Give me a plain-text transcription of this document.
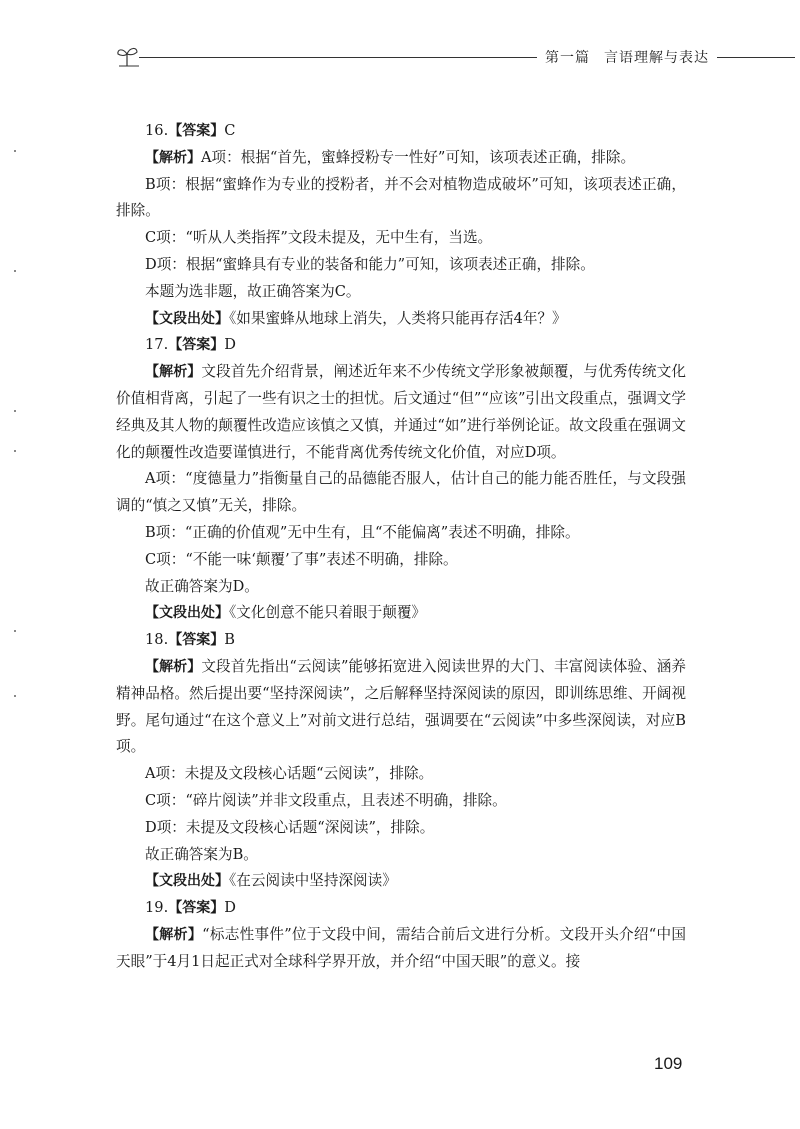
第一篇 言语理解与表达

16.【答案】C

【解析】A项：根据“首先，蜜蜂授粉专一性好”可知，该项表述正确，排除。

B项：根据“蜜蜂作为专业的授粉者，并不会对植物造成破坏”可知，该项表述正确，排除。

C项：“听从人类指挥”文段未提及，无中生有，当选。

D项：根据“蜜蜂具有专业的装备和能力”可知，该项表述正确，排除。

本题为选非题，故正确答案为C。

【文段出处】《如果蜜蜂从地球上消失，人类将只能再存活4年？》

17.【答案】D

【解析】文段首先介绍背景，阐述近年来不少传统文学形象被颠覆，与优秀传统文化价值相背离，引起了一些有识之士的担忧。后文通过“但”“应该”引出文段重点，强调文学经典及其人物的颠覆性改造应该慎之又慎，并通过“如”进行举例论证。故文段重在强调文化的颠覆性改造要谨慎进行，不能背离优秀传统文化价值，对应D项。

A项：“度德量力”指衡量自己的品德能否服人，估计自己的能力能否胜任，与文段强调的“慎之又慎”无关，排除。

B项：“正确的价值观”无中生有，且“不能偏离”表述不明确，排除。

C项：“不能一味‘颠覆’了事”表述不明确，排除。

故正确答案为D。

【文段出处】《文化创意不能只着眼于颠覆》

18.【答案】B

【解析】文段首先指出“云阅读”能够拓宽进入阅读世界的大门、丰富阅读体验、涵养精神品格。然后提出要“坚持深阅读”，之后解释坚持深阅读的原因，即训练思维、开阔视野。尾句通过“在这个意义上”对前文进行总结，强调要在“云阅读”中多些深阅读，对应B项。

A项：未提及文段核心话题“云阅读”，排除。

C项：“碎片阅读”并非文段重点，且表述不明确，排除。

D项：未提及文段核心话题“深阅读”，排除。

故正确答案为B。

【文段出处】《在云阅读中坚持深阅读》

19.【答案】D

【解析】“标志性事件”位于文段中间，需结合前后文进行分析。文段开头介绍“中国天眼”于4月1日起正式对全球科学界开放，并介绍“中国天眼”的意义。接

109
